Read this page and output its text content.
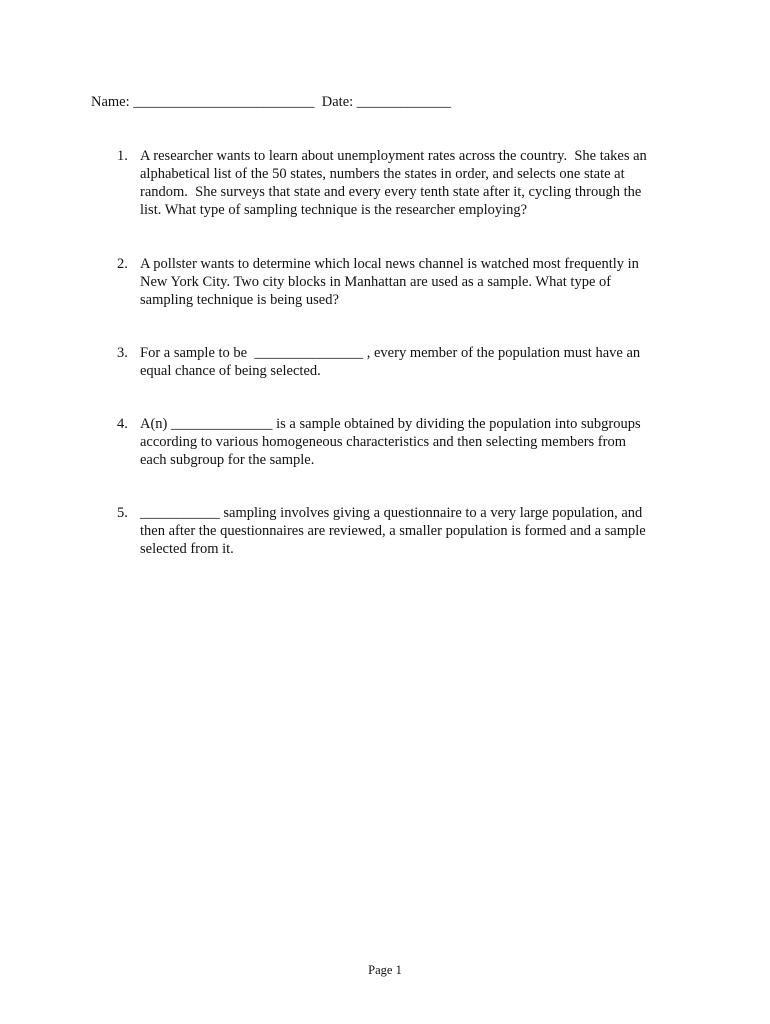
Name: _________________________  Date: _____________
1. A researcher wants to learn about unemployment rates across the country.  She takes an
alphabetical list of the 50 states, numbers the states in order, and selects one state at
random.  She surveys that state and every every tenth state after it, cycling through the
list. What type of sampling technique is the researcher employing?
2. A pollster wants to determine which local news channel is watched most frequently in
New York City. Two city blocks in Manhattan are used as a sample. What type of
sampling technique is being used?
3. For a sample to be  _______________ , every member of the population must have an
equal chance of being selected.
4. A(n) ______________ is a sample obtained by dividing the population into subgroups
according to various homogeneous characteristics and then selecting members from
each subgroup for the sample.
5. ___________ sampling involves giving a questionnaire to a very large population, and
then after the questionnaires are reviewed, a smaller population is formed and a sample
selected from it.
Page 1
